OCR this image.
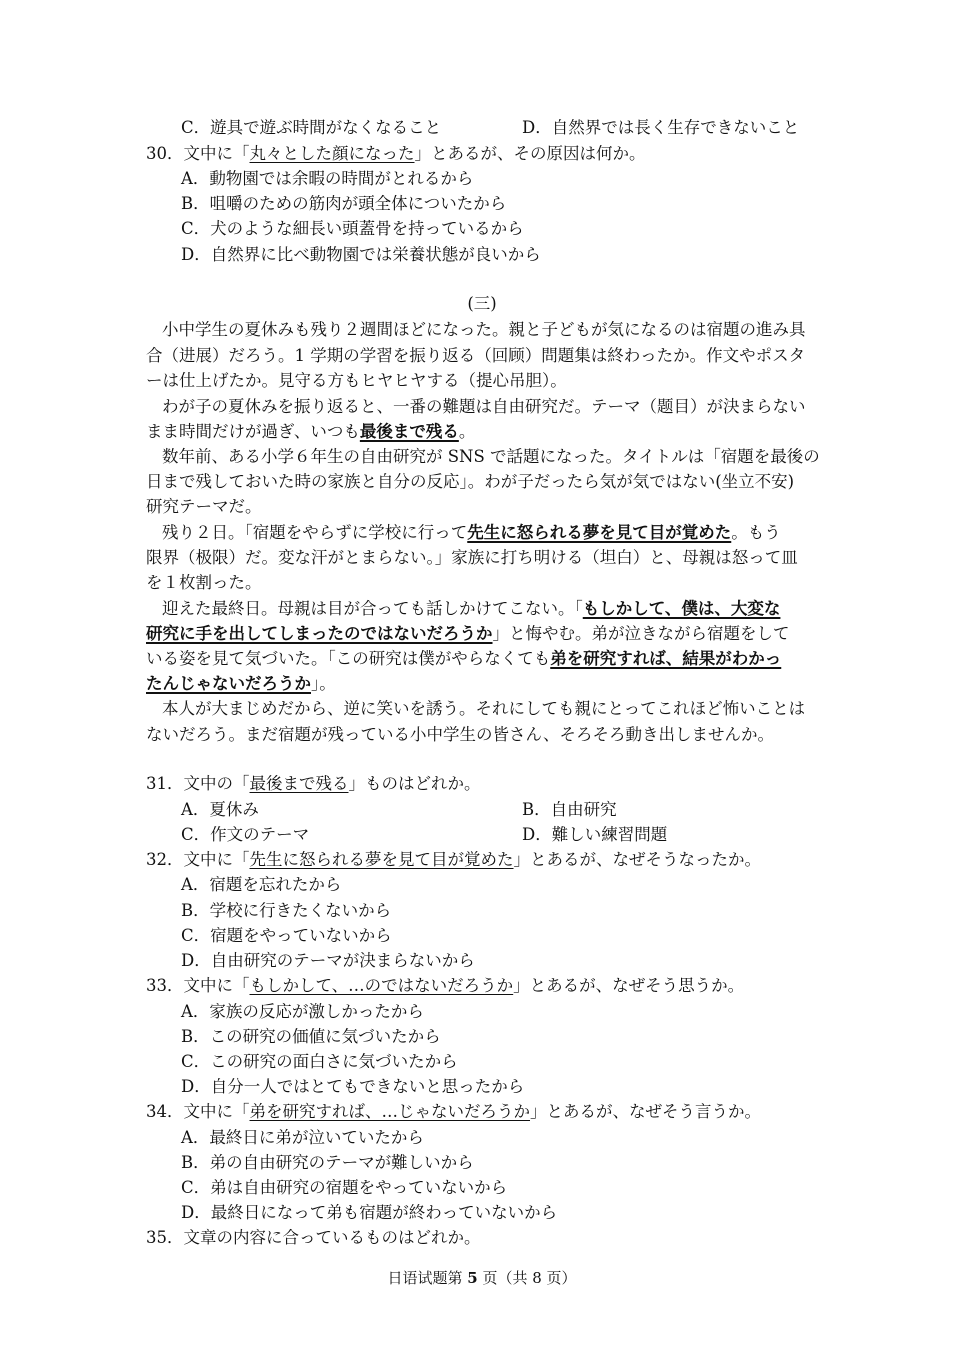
C．遊具で遊ぶ時間がなくなること	D．自然界では長く生存できないこと
30．文中に「丸々とした顔になった」とあるが、その原因は何か。
A．動物園では余暇の時間がとれるから
B．咀嚼のための筋肉が頭全体についたから
C．犬のような細長い頭蓋骨を持っているから
D．自然界に比べ動物園では栄養状態が良いから
(三)
小中学生の夏休みも残り２週間ほどになった。親と子どもが気になるのは宿題の進み具
合（进展）だろう。1 学期の学習を振り返る（回顾）問題集は終わったか。作文やポスタ
ーは仕上げたか。見守る方もヒヤヒヤする（提心吊胆）。
わが子の夏休みを振り返ると、一番の難題は自由研究だ。テーマ（题目）が決まらない
まま時間だけが過ぎ、いつも最後まで残る。
数年前、ある小学６年生の自由研究が SNS で話題になった。タイトルは「宿題を最後の
日まで残しておいた時の家族と自分の反応」。わが子だったら気が気ではない(坐立不安)
研究テーマだ。
残り２日。「宿題をやらずに学校に行って先生に怒られる夢を見て目が覚めた。もう
限界（极限）だ。変な汗がとまらない。」家族に打ち明ける（坦白）と、母親は怒って皿
を１枚割った。
迎えた最終日。母親は目が合っても話しかけてこない。「もしかして、僕は、大変な
研究に手を出してしまったのではないだろうか」と悔やむ。弟が泣きながら宿題をして
いる姿を見て気づいた。「この研究は僕がやらなくても弟を研究すれば、結果がわかっ
たんじゃないだろうか」。
本人が大まじめだから、逆に笑いを誘う。それにしても親にとってこれほど怖いことは
ないだろう。まだ宿題が残っている小中学生の皆さん、そろそろ動き出しませんか。
31．文中の「最後まで残る」ものはどれか。
A．夏休み	B．自由研究
C．作文のテーマ	D．難しい練習問題
32．文中に「先生に怒られる夢を見て目が覚めた」とあるが、なぜそうなったか。
A．宿題を忘れたから
B．学校に行きたくないから
C．宿題をやっていないから
D．自由研究のテーマが決まらないから
33．文中に「もしかして、…のではないだろうか」とあるが、なぜそう思うか。
A．家族の反応が激しかったから
B．この研究の価値に気づいたから
C．この研究の面白さに気づいたから
D．自分一人ではとてもできないと思ったから
34．文中に「弟を研究すれば、…じゃないだろうか」とあるが、なぜそう言うか。
A．最終日に弟が泣いていたから
B．弟の自由研究のテーマが難しいから
C．弟は自由研究の宿題をやっていないから
D．最終日になって弟も宿題が終わっていないから
35．文章の内容に合っているものはどれか。
日语试题第 5 页（共 8 页）
